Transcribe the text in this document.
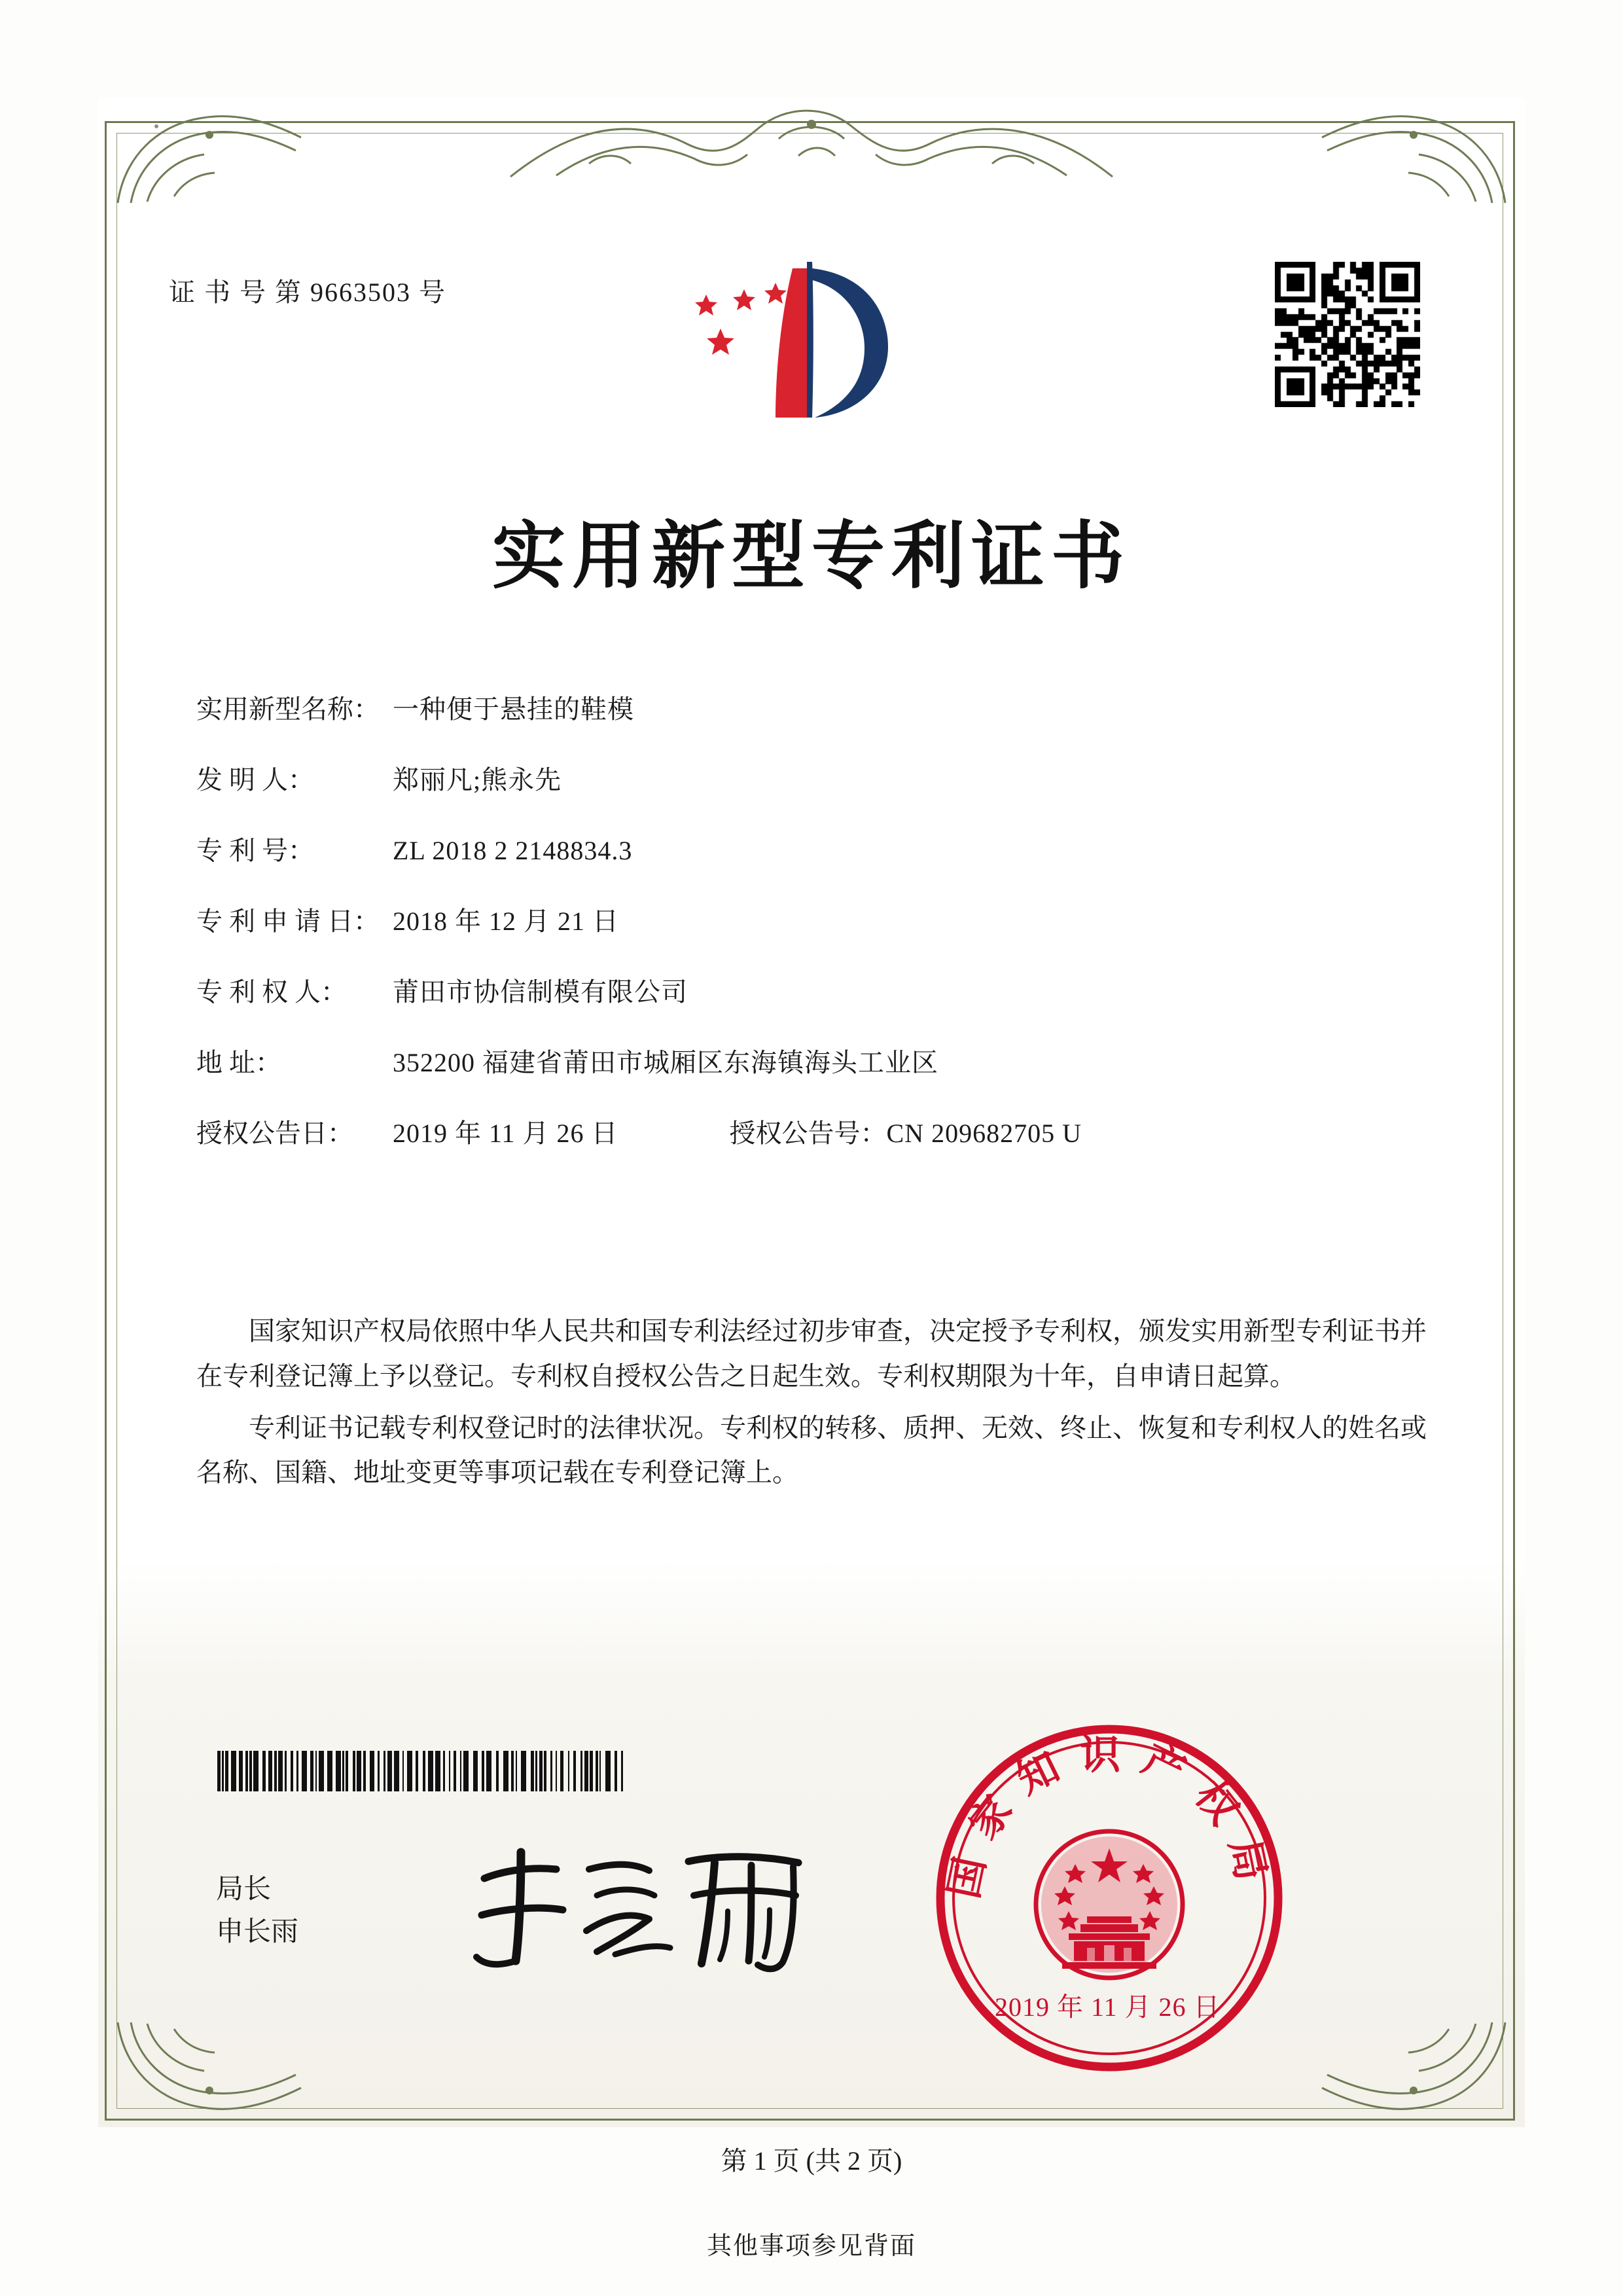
证 书 号 第 9663503 号
实用新型专利证书
实用新型名称： 一种便于悬挂的鞋模
发 明 人：	郑丽凡;熊永先
专 利 号：	ZL 2018 2 2148834.3
专 利 申 请 日： 2018 年 12 月 21 日
专 利 权 人：	莆田市协信制模有限公司
地 址：	352200 福建省莆田市城厢区东海镇海头工业区
授权公告日：	2019 年 11 月 26 日	授权公告号： CN 209682705 U

国家知识产权局依照中华人民共和国专利法经过初步审查，决定授予专利权，颁发实用新型专利证书并在专利登记簿上予以登记。专利权自授权公告之日起生效。专利权期限为十年，自申请日起算。

专利证书记载专利权登记时的法律状况。专利权的转移、质押、无效、终止、恢复和专利权人的姓名或名称、国籍、地址变更等事项记载在专利登记簿上。

局长
申长雨
国家知识产权局
2019 年 11 月 26 日
第 1 页 (共 2 页)
其他事项参见背面
